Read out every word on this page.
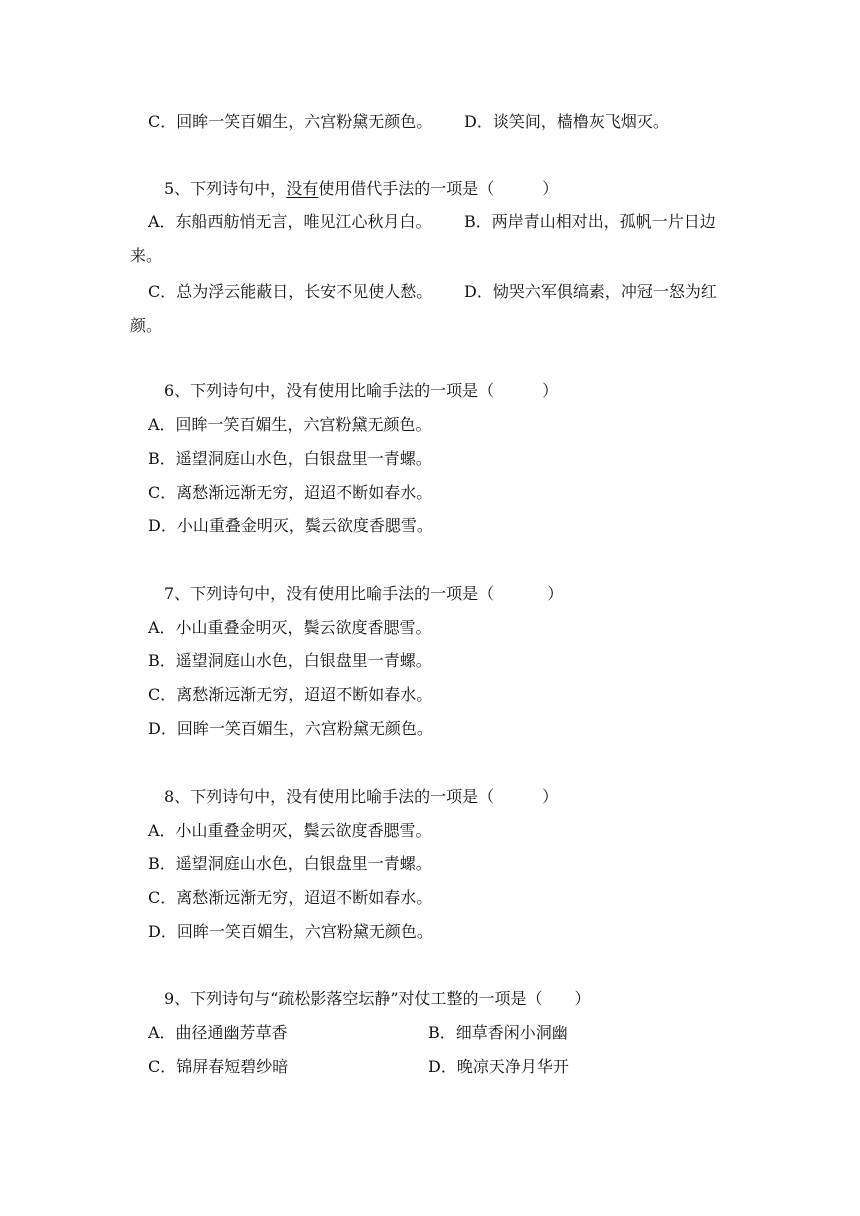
C．回眸一笑百媚生，六宫粉黛无颜色。 D．谈笑间，樯橹灰飞烟灭。
5、下列诗句中，没有使用借代手法的一项是（　　　）
A．东船西舫悄无言，唯见江心秋月白。 B．两岸青山相对出，孤帆一片日边
来。
C．总为浮云能蔽日，长安不见使人愁。 D．恸哭六军俱缟素，冲冠一怒为红
颜。
6、下列诗句中，没有使用比喻手法的一项是（　　　）
A．回眸一笑百媚生，六宫粉黛无颜色。
B．遥望洞庭山水色，白银盘里一青螺。
C．离愁渐远渐无穷，迢迢不断如春水。
D．小山重叠金明灭，鬓云欲度香腮雪。
7、下列诗句中，没有使用比喻手法的一项是（　　　 ）
A．小山重叠金明灭，鬓云欲度香腮雪。
B．遥望洞庭山水色，白银盘里一青螺。
C．离愁渐远渐无穷，迢迢不断如春水。
D．回眸一笑百媚生，六宫粉黛无颜色。
8、下列诗句中，没有使用比喻手法的一项是（　　　）
A．小山重叠金明灭，鬓云欲度香腮雪。
B．遥望洞庭山水色，白银盘里一青螺。
C．离愁渐远渐无穷，迢迢不断如春水。
D．回眸一笑百媚生，六宫粉黛无颜色。
9、下列诗句与“疏松影落空坛静”对仗工整的一项是（　　）
A．曲径通幽芳草香	B．细草香闲小洞幽
C．锦屏春短碧纱暗	D．晚凉天净月华开
